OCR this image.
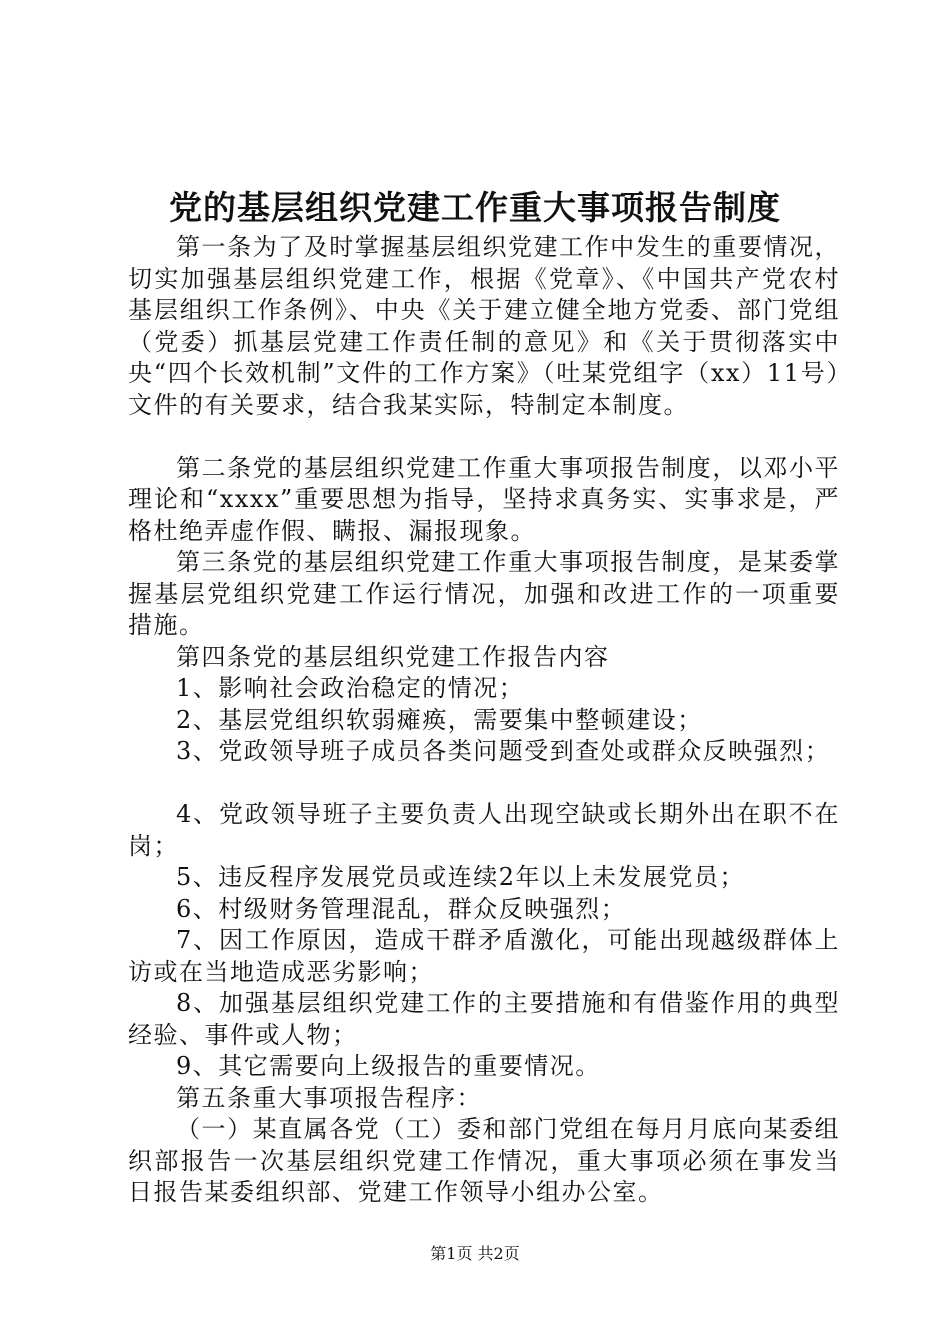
党的基层组织党建工作重大事项报告制度

第一条为了及时掌握基层组织党建工作中发生的重要情况，切实加强基层组织党建工作，根据《党章》、《中国共产党农村基层组织工作条例》、中央《关于建立健全地方党委、部门党组（党委）抓基层党建工作责任制的意见》和《关于贯彻落实中央“四个长效机制”文件的工作方案》（吐某党组字（xx）11号）文件的有关要求，结合我某实际，特制定本制度。

第二条党的基层组织党建工作重大事项报告制度，以邓小平理论和“xxxx”重要思想为指导，坚持求真务实、实事求是，严格杜绝弄虚作假、瞒报、漏报现象。

第三条党的基层组织党建工作重大事项报告制度，是某委掌握基层党组织党建工作运行情况，加强和改进工作的一项重要措施。

第四条党的基层组织党建工作报告内容

1、影响社会政治稳定的情况；

2、基层党组织软弱瘫痪，需要集中整顿建设；

3、党政领导班子成员各类问题受到查处或群众反映强烈；

4、党政领导班子主要负责人出现空缺或长期外出在职不在岗；

5、违反程序发展党员或连续2年以上未发展党员；

6、村级财务管理混乱，群众反映强烈；

7、因工作原因，造成干群矛盾激化，可能出现越级群体上访或在当地造成恶劣影响；

8、加强基层组织党建工作的主要措施和有借鉴作用的典型经验、事件或人物；

9、其它需要向上级报告的重要情况。

第五条重大事项报告程序：

（一）某直属各党（工）委和部门党组在每月月底向某委组织部报告一次基层组织党建工作情况，重大事项必须在事发当日报告某委组织部、党建工作领导小组办公室。

第1页 共2页
